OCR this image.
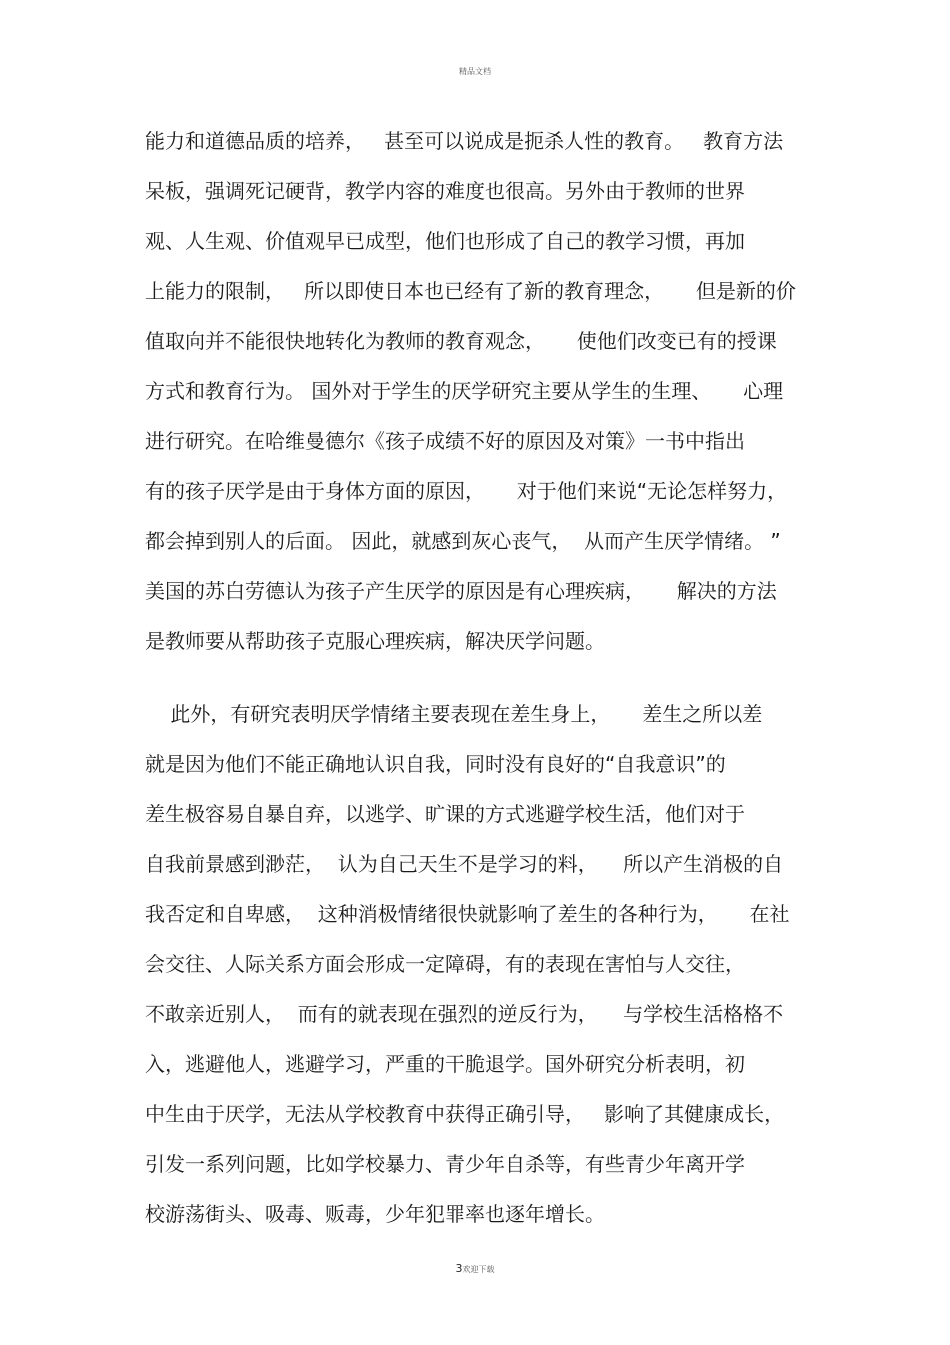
精品文档
能力和道德品质的培养，   甚至可以说成是扼杀人性的教育。   教育方法
呆板，强调死记硬背，教学内容的难度也很高。另外由于教师的世界
观、人生观、价值观早已成型，他们也形成了自己的教学习惯，再加
上能力的限制，   所以即使日本也已经有了新的教育理念，     但是新的价
值取向并不能很快地转化为教师的教育观念，     使他们改变已有的授课
方式和教育行为。 国外对于学生的厌学研究主要从学生的生理、     心理
进行研究。在哈维曼德尔《孩子成绩不好的原因及对策》一书中指出
有的孩子厌学是由于身体方面的原因，     对于他们来说“无论怎样努力，
都会掉到别人的后面。 因此，就感到灰心丧气，  从而产生厌学情绪。 ”
美国的苏白劳德认为孩子产生厌学的原因是有心理疾病，     解决的方法
是教师要从帮助孩子克服心理疾病，解决厌学问题。
此外，有研究表明厌学情绪主要表现在差生身上，     差生之所以差
就是因为他们不能正确地认识自我，同时没有良好的“自我意识”的
差生极容易自暴自弃，以逃学、旷课的方式逃避学校生活，他们对于
自我前景感到渺茫，  认为自己天生不是学习的料，    所以产生消极的自
我否定和自卑感，  这种消极情绪很快就影响了差生的各种行为，     在社
会交往、人际关系方面会形成一定障碍，有的表现在害怕与人交往，
不敢亲近别人，  而有的就表现在强烈的逆反行为，    与学校生活格格不
入，逃避他人，逃避学习，严重的干脆退学。国外研究分析表明，初
中生由于厌学，无法从学校教育中获得正确引导，   影响了其健康成长，
引发一系列问题，比如学校暴力、青少年自杀等，有些青少年离开学
校游荡街头、吸毒、贩毒，少年犯罪率也逐年增长。
3欢迎下载
